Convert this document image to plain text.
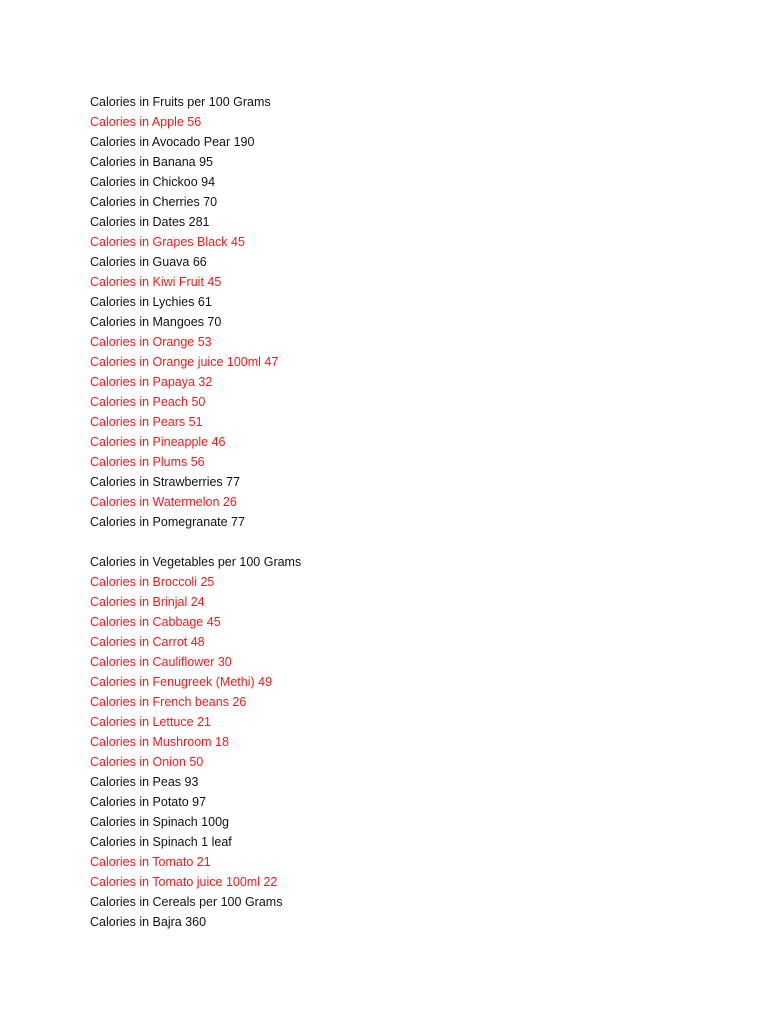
Calories in Fruits per 100 Grams
Calories in Apple 56
Calories in Avocado Pear 190
Calories in Banana 95
Calories in Chickoo 94
Calories in Cherries 70
Calories in Dates 281
Calories in Grapes Black 45
Calories in Guava 66
Calories in Kiwi Fruit 45
Calories in Lychies 61
Calories in Mangoes 70
Calories in Orange 53
Calories in Orange juice 100ml 47
Calories in Papaya 32
Calories in Peach 50
Calories in Pears 51
Calories in Pineapple 46
Calories in Plums 56
Calories in Strawberries 77
Calories in Watermelon 26
Calories in Pomegranate 77
Calories in Vegetables per 100 Grams
Calories in Broccoli 25
Calories in Brinjal 24
Calories in Cabbage 45
Calories in Carrot 48
Calories in Cauliflower 30
Calories in Fenugreek (Methi) 49
Calories in French beans 26
Calories in Lettuce 21
Calories in Mushroom 18
Calories in Onion 50
Calories in Peas 93
Calories in Potato 97
Calories in Spinach 100g
Calories in Spinach 1 leaf
Calories in Tomato 21
Calories in Tomato juice 100ml 22
Calories in Cereals per 100 Grams
Calories in Bajra 360
